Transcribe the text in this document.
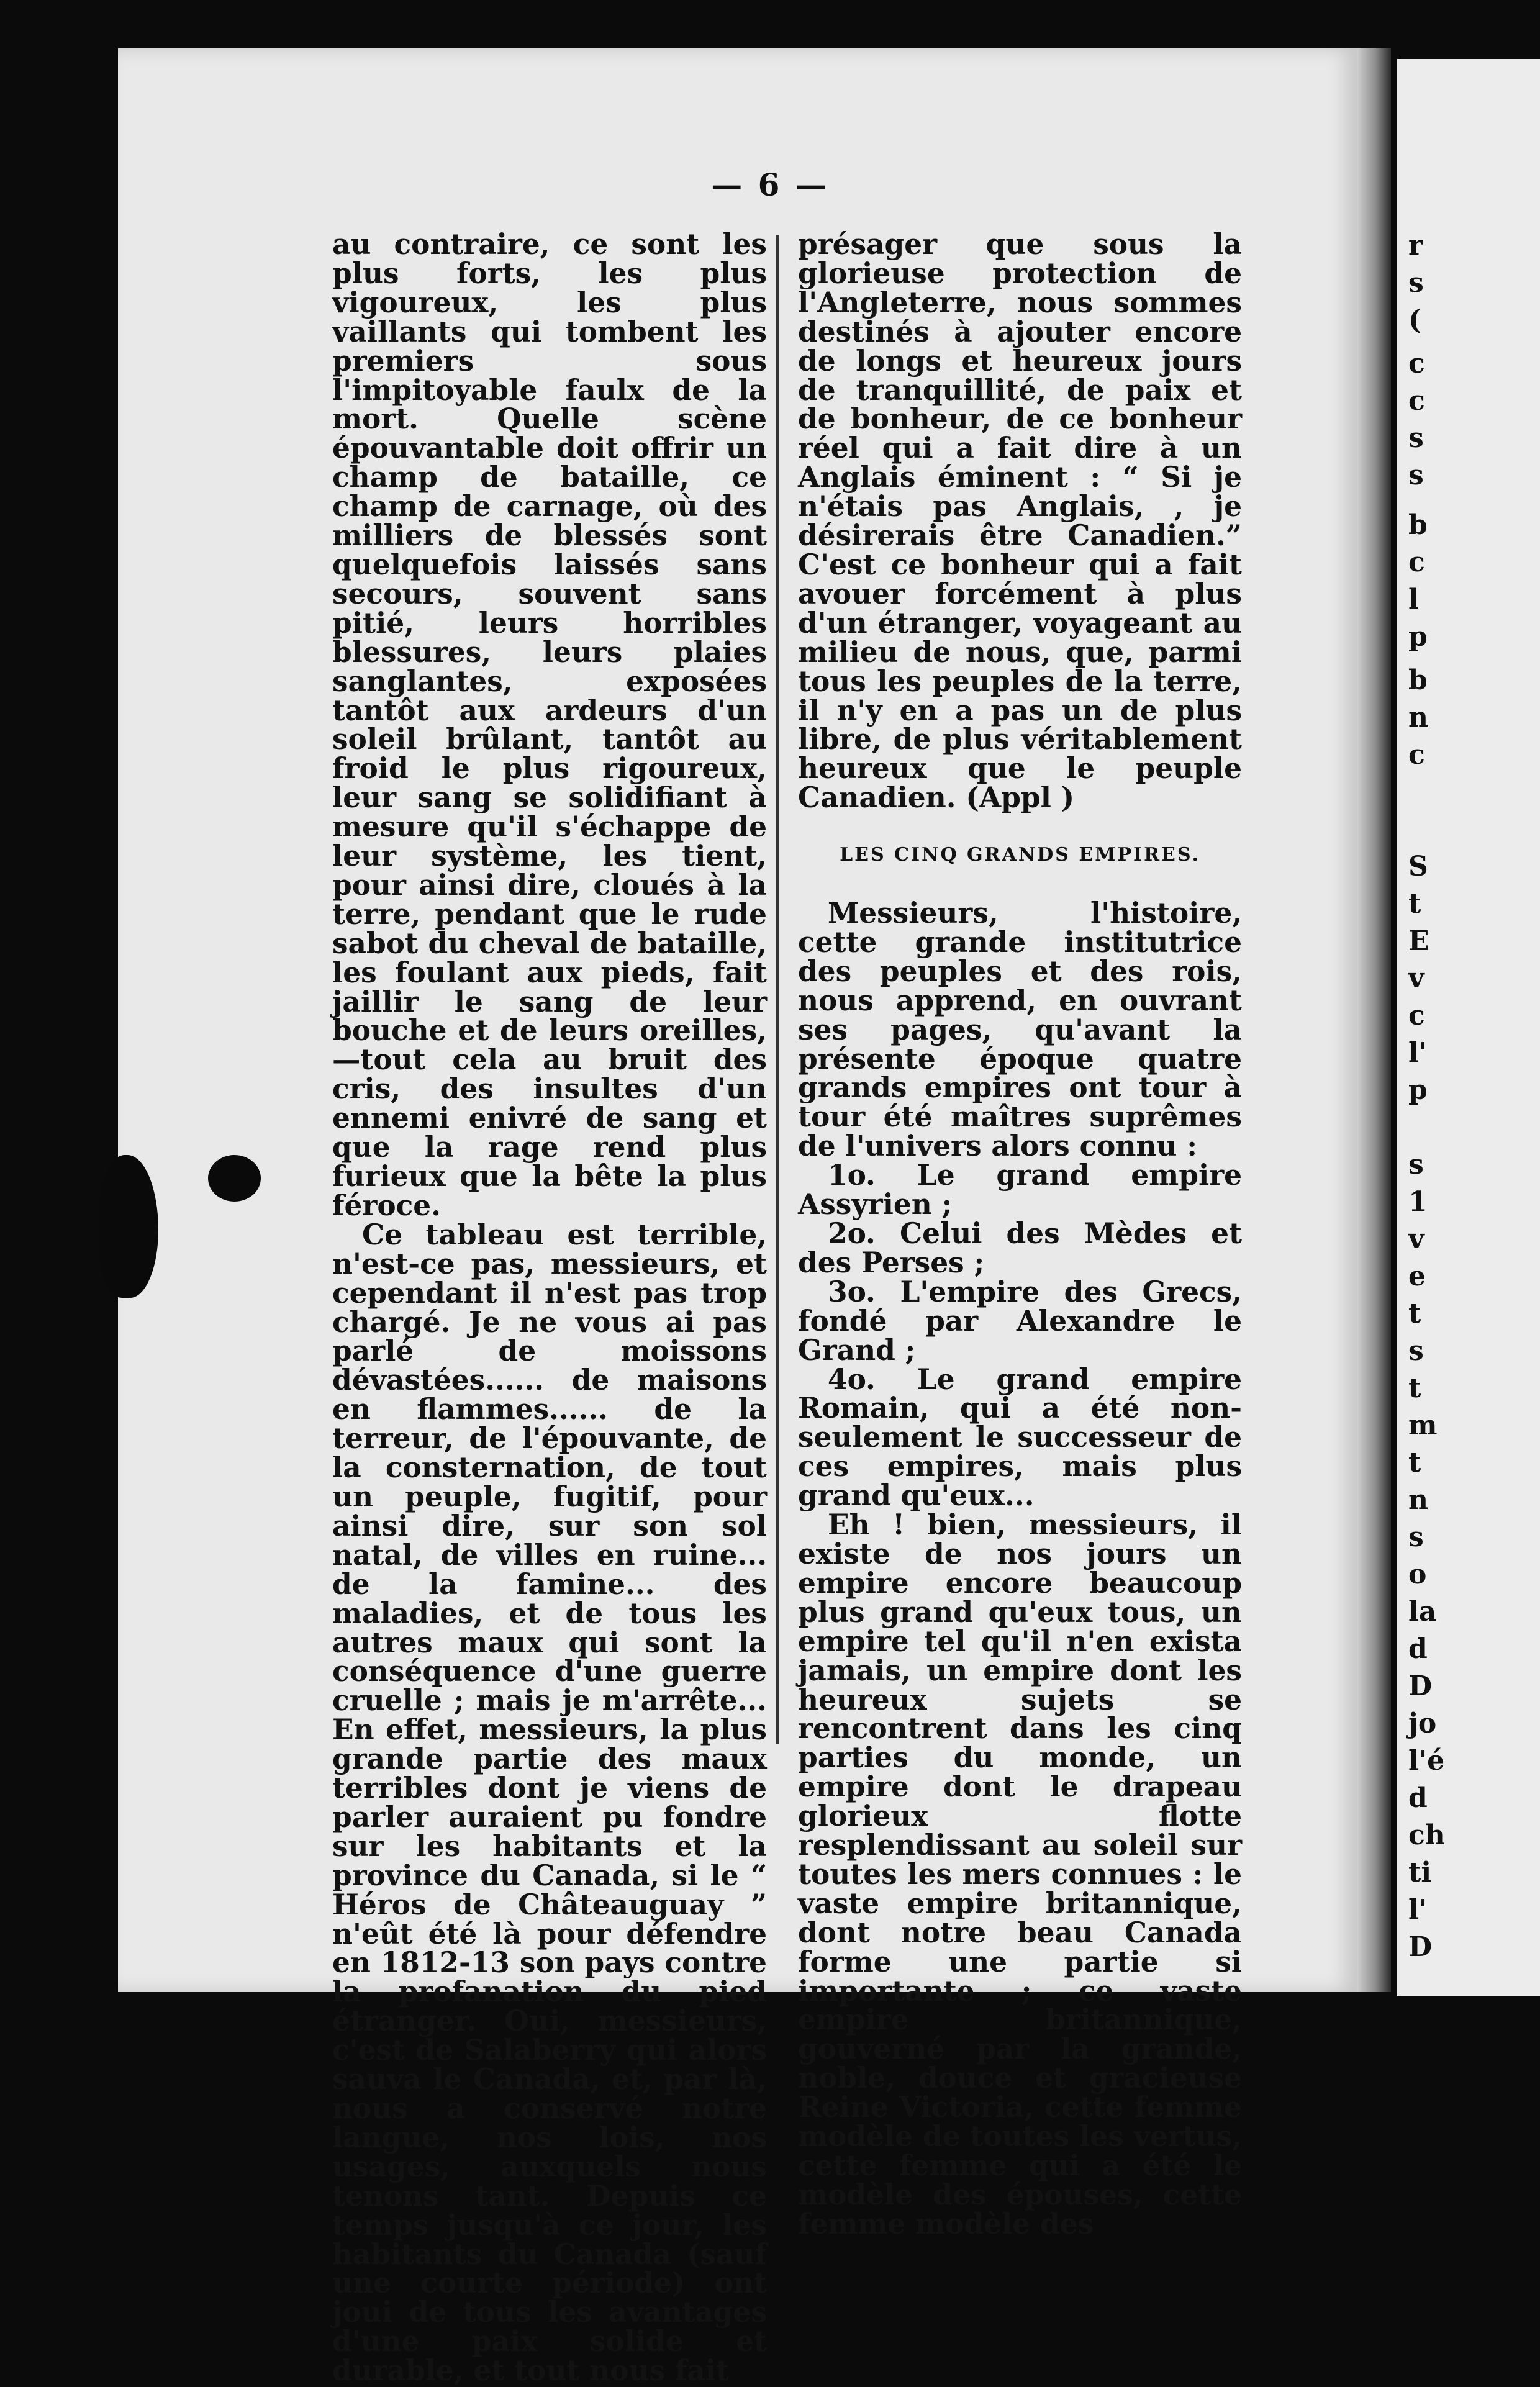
r
s
(
c
c
s
s
b
c
l
p
b
n
c
S
t
E
v
c
l'
p
s
1
v
e
t
s
t
m
t
n
s
o
la
d
D
jo
l'é
d
ch
ti
l'
D
— 6 —

au contraire, ce sont les plus forts, les plus vigoureux, les plus vaillants qui tombent les premiers sous l'impitoyable faulx de la mort. Quelle scène épouvantable doit offrir un champ de bataille, ce champ de carnage, où des milliers de blessés sont quelquefois laissés sans secours, souvent sans pitié, leurs horribles blessures, leurs plaies sanglantes, exposées tantôt aux ardeurs d'un soleil brûlant, tantôt au froid le plus rigoureux, leur sang se solidifiant à mesure qu'il s'échappe de leur système, les tient, pour ainsi dire, cloués à la terre, pendant que le rude sabot du cheval de bataille, les foulant aux pieds, fait jaillir le sang de leur bouche et de leurs oreilles,—tout cela au bruit des cris, des insultes d'un ennemi enivré de sang et que la rage rend plus furieux que la bête la plus féroce.

Ce tableau est terrible, n'est-ce pas, messieurs, et cependant il n'est pas trop chargé. Je ne vous ai pas parlé de moissons dévastées...... de maisons en flammes...... de la terreur, de l'épouvante, de la consternation, de tout un peuple, fugitif, pour ainsi dire, sur son sol natal, de villes en ruine... de la famine... des maladies, et de tous les autres maux qui sont la conséquence d'une guerre cruelle ; mais je m'arrête... En effet, messieurs, la plus grande partie des maux terribles dont je viens de parler auraient pu fondre sur les habitants et la province du Canada, si le “ Héros de Châteauguay ” n'eût été là pour défendre en 1812-13 son pays contre la profanation du pied étranger. Oui, messieurs, c'est de Salaberry qui alors sauva le Canada, et, par là, nous a conservé notre langue, nos lois, nos usages, auxquels nous tenons tant. Depuis ce temps jusqu'à ce jour, les habitants du Canada (sauf une courte période) ont joui de tous les avantages d'une paix solide et durable, et tout nous fait

présager que sous la glorieuse protection de l'Angleterre, nous sommes destinés à ajouter encore de longs et heureux jours de tranquillité, de paix et de bonheur, de ce bonheur réel qui a fait dire à un Anglais éminent : “ Si je n'étais pas Anglais, , je désirerais être Canadien.” C'est ce bonheur qui a fait avouer forcément à plus d'un étranger, voyageant au milieu de nous, que, parmi tous les peuples de la terre, il n'y en a pas un de plus libre, de plus véritablement heureux que le peuple Canadien. (Appl )

LES CINQ GRANDS EMPIRES.

Messieurs, l'histoire, cette grande institutrice des peuples et des rois, nous apprend, en ouvrant ses pages, qu'avant la présente époque quatre grands empires ont tour à tour été maîtres suprêmes de l'univers alors connu :

1o. Le grand empire Assyrien ;

2o. Celui des Mèdes et des Perses ;

3o. L'empire des Grecs, fondé par Alexandre le Grand ;

4o. Le grand empire Romain, qui a été non-seulement le successeur de ces empires, mais plus grand qu'eux...

Eh ! bien, messieurs, il existe de nos jours un empire encore beaucoup plus grand qu'eux tous, un empire tel qu'il n'en exista jamais, un empire dont les heureux sujets se rencontrent dans les cinq parties du monde, un empire dont le drapeau glorieux flotte resplendissant au soleil sur toutes les mers connues : le vaste empire britannique, dont notre beau Canada forme une partie si importante ; ce vaste empire britannique, gouverné par la grande, noble, douce et gracieuse Reine Victoria, cette femme modèle de toutes les vertus, cette femme qui a été le modèle des épouses, cette femme modèle des
